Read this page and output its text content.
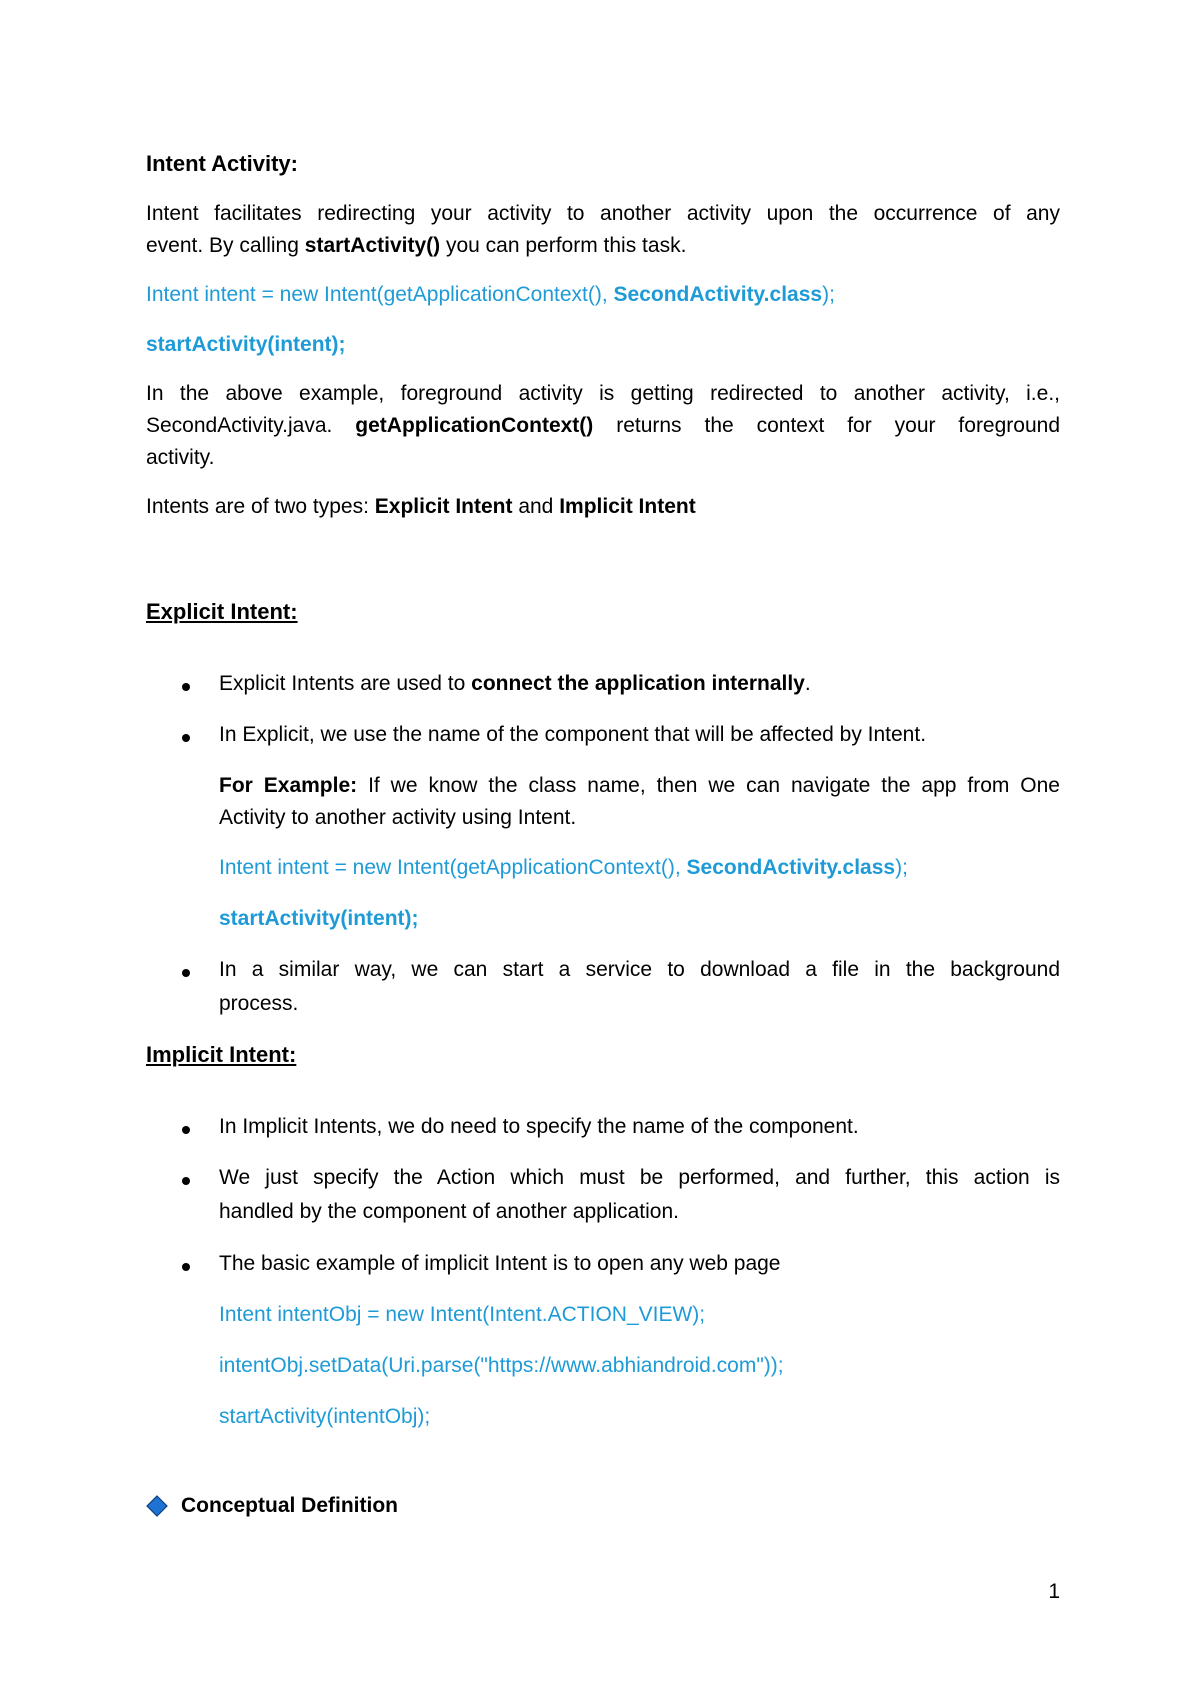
Intent Activity:
Intent facilitates redirecting your activity to another activity upon the occurrence of any
event. By calling startActivity() you can perform this task.
Intent intent = new Intent(getApplicationContext(), SecondActivity.class);
startActivity(intent);
In the above example, foreground activity is getting redirected to another activity, i.e.,
SecondActivity.java. getApplicationContext() returns the context for your foreground
activity.
Intents are of two types: Explicit Intent and Implicit Intent
Explicit Intent:
Explicit Intents are used to connect the application internally.
In Explicit, we use the name of the component that will be affected by Intent.
For Example: If we know the class name, then we can navigate the app from One
Activity to another activity using Intent.
Intent intent = new Intent(getApplicationContext(), SecondActivity.class);
startActivity(intent);
In a similar way, we can start a service to download a file in the background
process.
Implicit Intent:
In Implicit Intents, we do need to specify the name of the component.
We just specify the Action which must be performed, and further, this action is
handled by the component of another application.
The basic example of implicit Intent is to open any web page
Intent intentObj = new Intent(Intent.ACTION_VIEW);
intentObj.setData(Uri.parse("https://www.abhiandroid.com"));
startActivity(intentObj);
Conceptual Definition
1
